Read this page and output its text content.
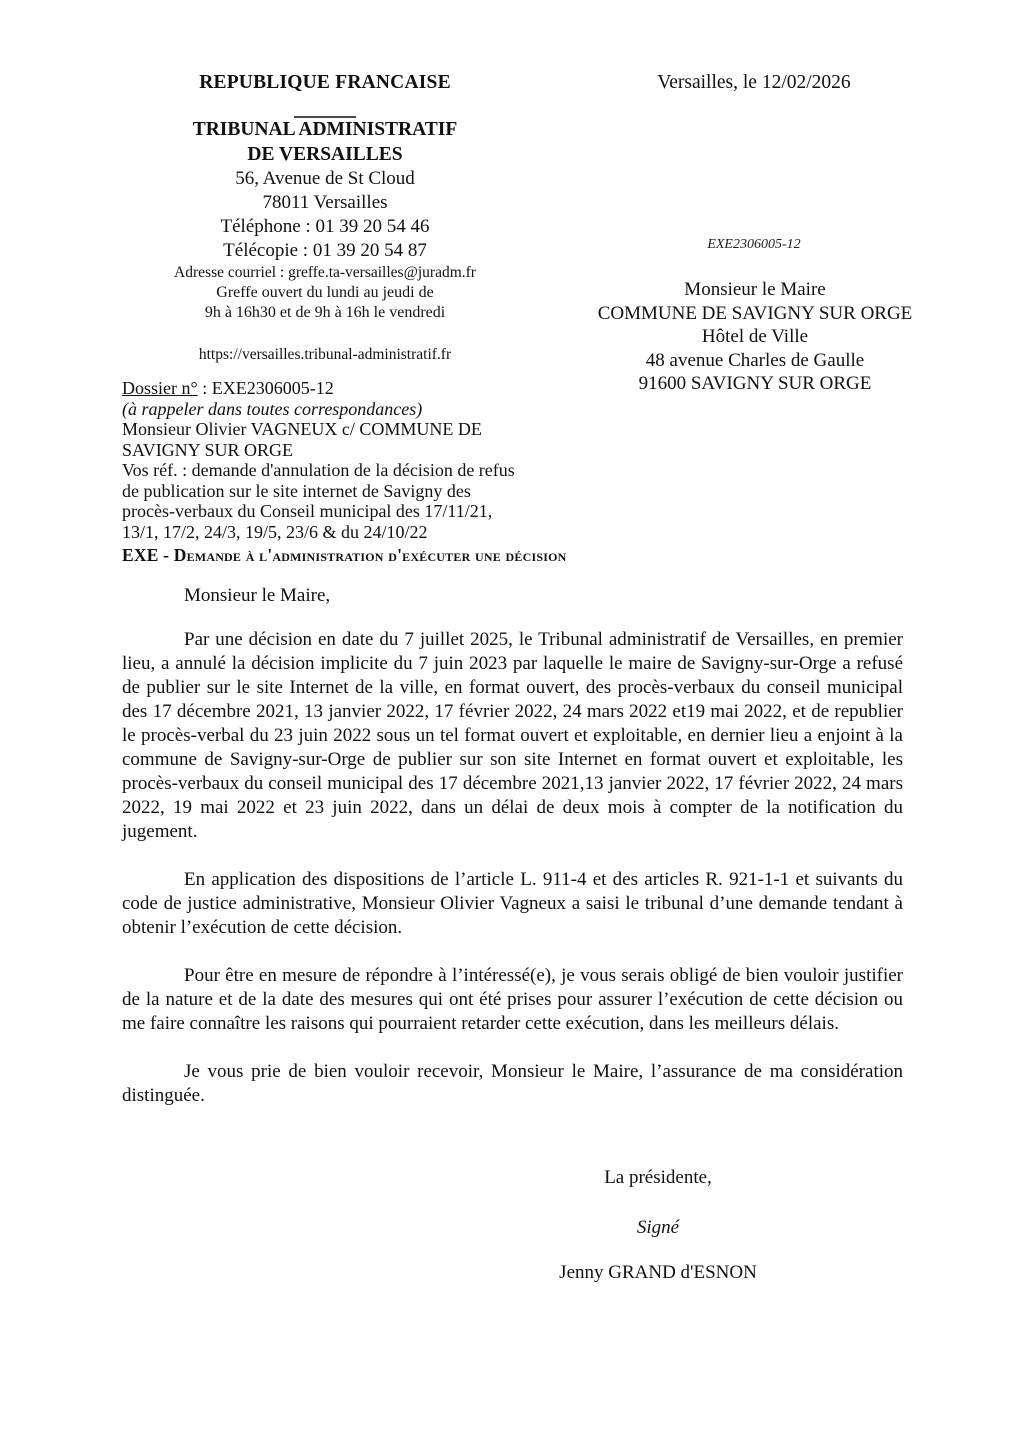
REPUBLIQUE FRANCAISE
TRIBUNAL ADMINISTRATIF
DE VERSAILLES
56, Avenue de St Cloud
78011 Versailles
Téléphone : 01 39 20 54 46
Télécopie : 01 39 20 54 87
Adresse courriel : greffe.ta-versailles@juradm.fr
Greffe ouvert du lundi au jeudi de
9h à 16h30 et de 9h à 16h le vendredi
https://versailles.tribunal-administratif.fr
Versailles, le 12/02/2026
EXE2306005-12
Monsieur le Maire
COMMUNE DE SAVIGNY SUR ORGE
Hôtel de Ville
48 avenue Charles de Gaulle
91600 SAVIGNY SUR ORGE
Dossier n° : EXE2306005-12
(à rappeler dans toutes correspondances)
Monsieur Olivier VAGNEUX c/ COMMUNE DE
SAVIGNY SUR ORGE
Vos réf. : demande d'annulation de la décision de refus
de publication sur le site internet de Savigny des
procès-verbaux du Conseil municipal des 17/11/21,
13/1, 17/2, 24/3, 19/5, 23/6 & du 24/10/22
EXE - Demande à l'administration d'exécuter une décision

Monsieur le Maire,

Par une décision en date du 7 juillet 2025, le Tribunal administratif de Versailles, en premier lieu, a annulé la décision implicite du 7 juin 2023 par laquelle le maire de Savigny-sur-Orge a refusé de publier sur le site Internet de la ville, en format ouvert, des procès-verbaux du conseil municipal des 17 décembre 2021, 13 janvier 2022, 17 février 2022, 24 mars 2022 et19 mai 2022, et de republier le procès-verbal du 23 juin 2022 sous un tel format ouvert et exploitable, en dernier lieu a enjoint à la commune de Savigny-sur-Orge de publier sur son site Internet en format ouvert et exploitable, les procès-verbaux du conseil municipal des 17 décembre 2021,13 janvier 2022, 17 février 2022, 24 mars 2022, 19 mai 2022 et 23 juin 2022, dans un délai de deux mois à compter de la notification du jugement.

En application des dispositions de l’article L. 911-4 et des articles R. 921-1-1 et suivants du code de justice administrative, Monsieur Olivier Vagneux a saisi le tribunal d’une demande tendant à obtenir l’exécution de cette décision.

Pour être en mesure de répondre à l’intéressé(e), je vous serais obligé de bien vouloir justifier de la nature et de la date des mesures qui ont été prises pour assurer l’exécution de cette décision ou me faire connaître les raisons qui pourraient retarder cette exécution, dans les meilleurs délais.

Je vous prie de bien vouloir recevoir, Monsieur le Maire, l’assurance de ma considération distinguée.

La présidente,
Signé
Jenny GRAND d'ESNON
